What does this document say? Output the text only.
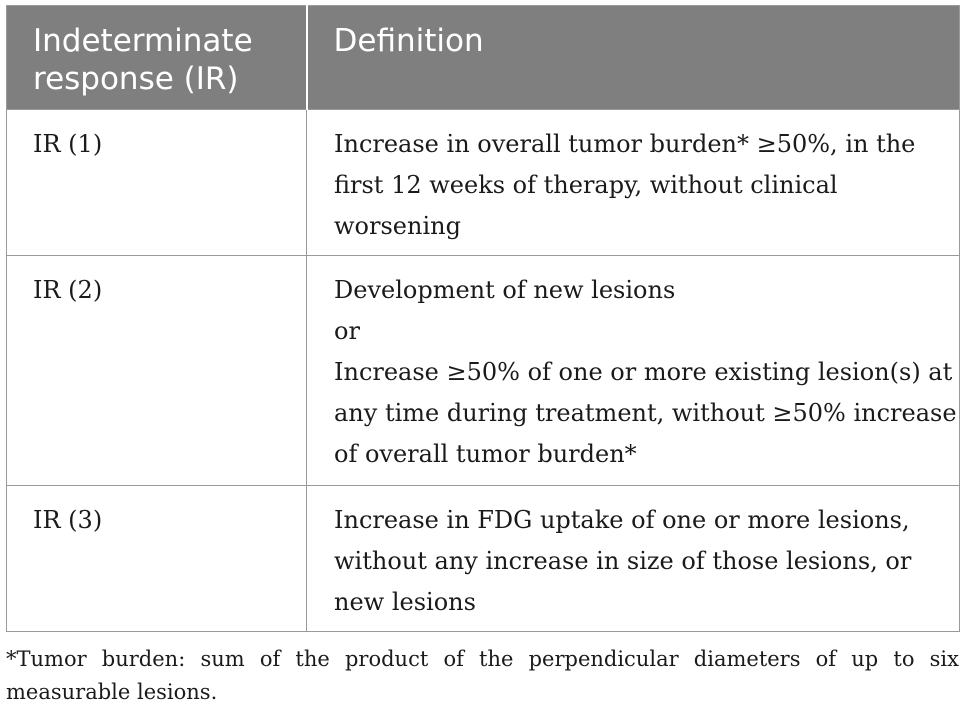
Indeterminate
response (IR)	Definition
IR (1)	Increase in overall tumor burden* ≥50%, in the
first 12 weeks of therapy, without clinical
worsening

IR (2)	Development of new lesions
or
Increase ≥50% of one or more existing lesion(s) at
any time during treatment, without ≥50% increase
of overall tumor burden*

IR (3)	Increase in FDG uptake of one or more lesions,
without any increase in size of those lesions, or
new lesions
*Tumor burden: sum of the product of the perpendicular diameters of up to six measurable lesions.
